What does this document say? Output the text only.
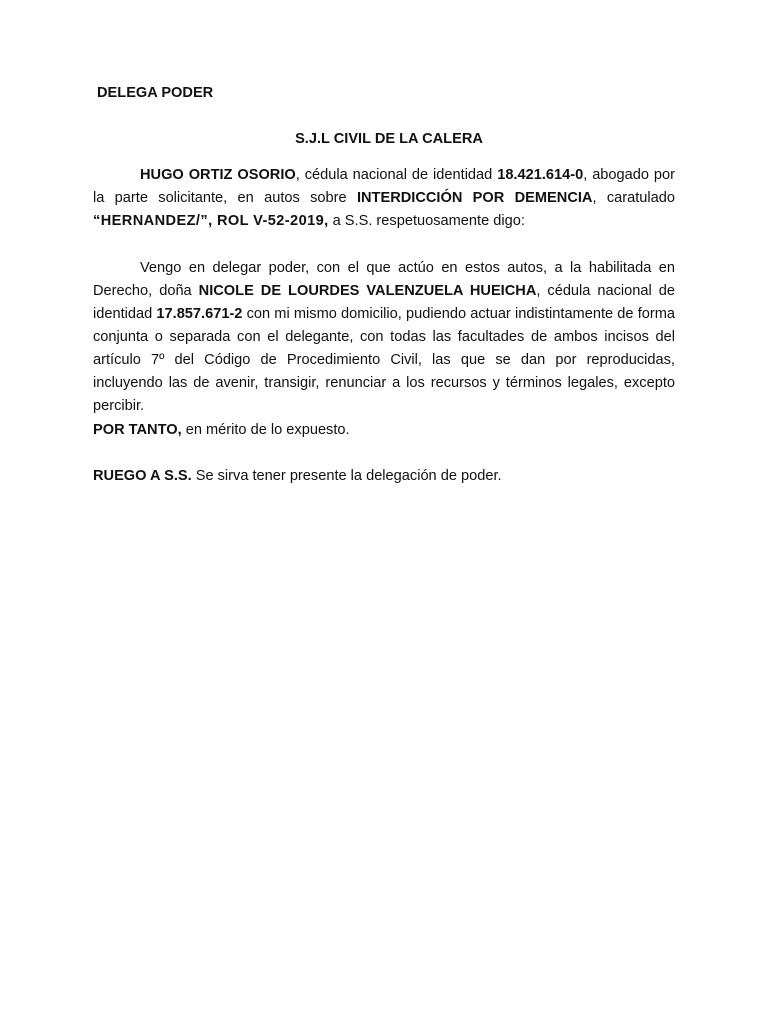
DELEGA PODER

S.J.L CIVIL DE LA CALERA

HUGO ORTIZ OSORIO, cédula nacional de identidad 18.421.614-0, abogado por la parte solicitante, en autos sobre INTERDICCIÓN POR DEMENCIA, caratulado “HERNANDEZ/”, ROL V-52-2019, a S.S. respetuosamente digo:

Vengo en delegar poder, con el que actúo en estos autos, a la habilitada en Derecho, doña NICOLE DE LOURDES VALENZUELA HUEICHA, cédula nacional de identidad 17.857.671-2 con mi mismo domicilio, pudiendo actuar indistintamente de forma conjunta o separada con el delegante, con todas las facultades de ambos incisos del artículo 7º del Código de Procedimiento Civil, las que se dan por reproducidas, incluyendo las de avenir, transigir, renunciar a los recursos y términos legales, excepto percibir.

POR TANTO, en mérito de lo expuesto.

RUEGO A S.S. Se sirva tener presente la delegación de poder.
